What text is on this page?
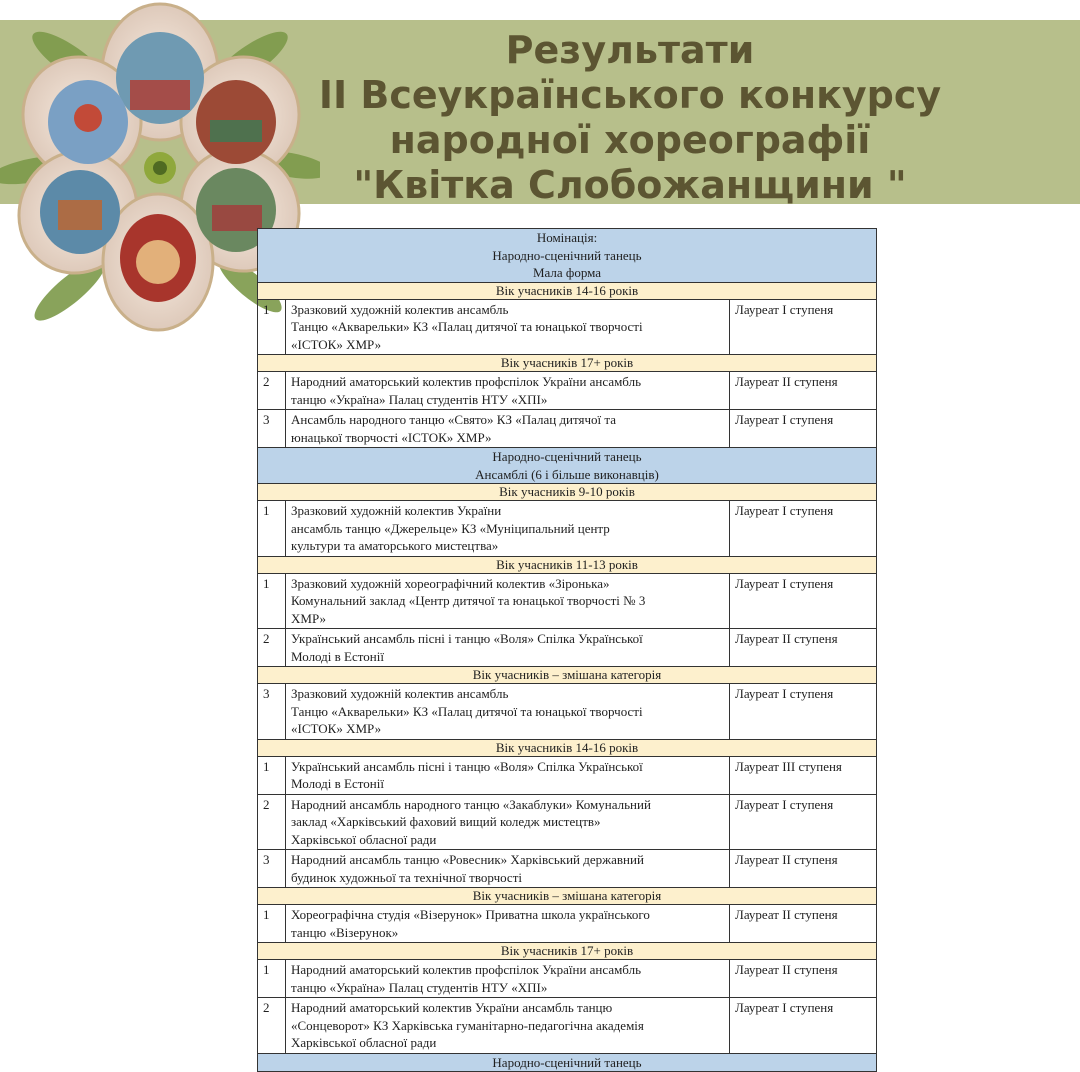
Результати
II Всеукраїнського конкурсу
народної хореографії
"Квітка Слобожанщини "
Номінація:
Народно-сценічний танець
Мала форма		

Вік учасників 14-16 років		
1	Зразковий художній колектив ансамбль
Танцю «Акварельки» КЗ «Палац дитячої та юнацької творчості
«ІСТОК» ХМР»	Лауреат І ступеня
Вік учасників 17+ років		
2	Народний аматорський колектив профспілок України ансамбль
танцю «Україна» Палац студентів НТУ «ХПІ»	Лауреат ІІ ступеня
3	Ансамбль народного танцю «Свято» КЗ «Палац дитячої та
юнацької творчості «ІСТОК» ХМР»	Лауреат І ступеня

Народно-сценічний танець
Ансамблі (6 і більше виконавців)		

Вік учасників 9-10 років		
1	Зразковий художній колектив України
ансамбль танцю «Джерельце» КЗ «Муніципальний центр
культури та аматорського мистецтва»	Лауреат І ступеня
Вік учасників 11-13 років		
1	Зразковий художній хореографічний колектив «Зіронька»
Комунальний заклад «Центр дитячої та юнацької творчості № 3
ХМР»	Лауреат І ступеня
2	Український ансамбль пісні і танцю «Воля» Спілка Української
Молоді в Естонії	Лауреат ІІ ступеня
Вік учасників – змішана категорія		
3	Зразковий художній колектив ансамбль
Танцю «Акварельки» КЗ «Палац дитячої та юнацької творчості
«ІСТОК» ХМР»	Лауреат І ступеня
Вік учасників 14-16 років		
1	Український ансамбль пісні і танцю «Воля» Спілка Української
Молоді в Естонії	Лауреат ІІІ ступеня
2	Народний ансамбль народного танцю «Закаблуки» Комунальний
заклад «Харківський фаховий вищий коледж мистецтв»
Харківської обласної ради	Лауреат І ступеня
3	Народний ансамбль танцю «Ровесник» Харківський державний
будинок художньої та технічної творчості	Лауреат ІІ ступеня
Вік учасників – змішана категорія		
1	Хореографічна студія «Візерунок» Приватна школа українського
танцю «Візерунок»	Лауреат ІІ ступеня
Вік учасників 17+ років		
1	Народний аматорський колектив профспілок України ансамбль
танцю «Україна» Палац студентів НТУ «ХПІ»	Лауреат ІІ ступеня
2	Народний аматорський колектив України ансамбль танцю
«Сонцеворот» КЗ Харківська гуманітарно-педагогічна академія
Харківської обласної ради	Лауреат І ступеня
Народно-сценічний танець		
